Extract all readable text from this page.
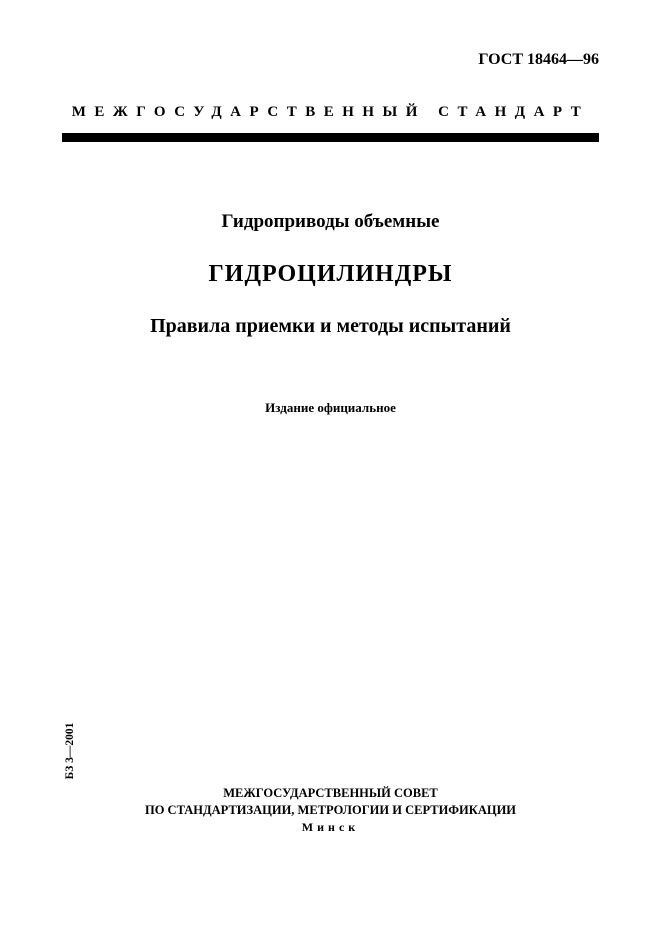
ГОСТ 18464—96
МЕЖГОСУДАРСТВЕННЫЙ СТАНДАРТ
Гидроприводы объемные
ГИДРОЦИЛИНДРЫ
Правила приемки и методы испытаний
Издание официальное
БЗ 3—2001
МЕЖГОСУДАРСТВЕННЫЙ СОВЕТ
ПО СТАНДАРТИЗАЦИИ, МЕТРОЛОГИИ И СЕРТИФИКАЦИИ
Минск
